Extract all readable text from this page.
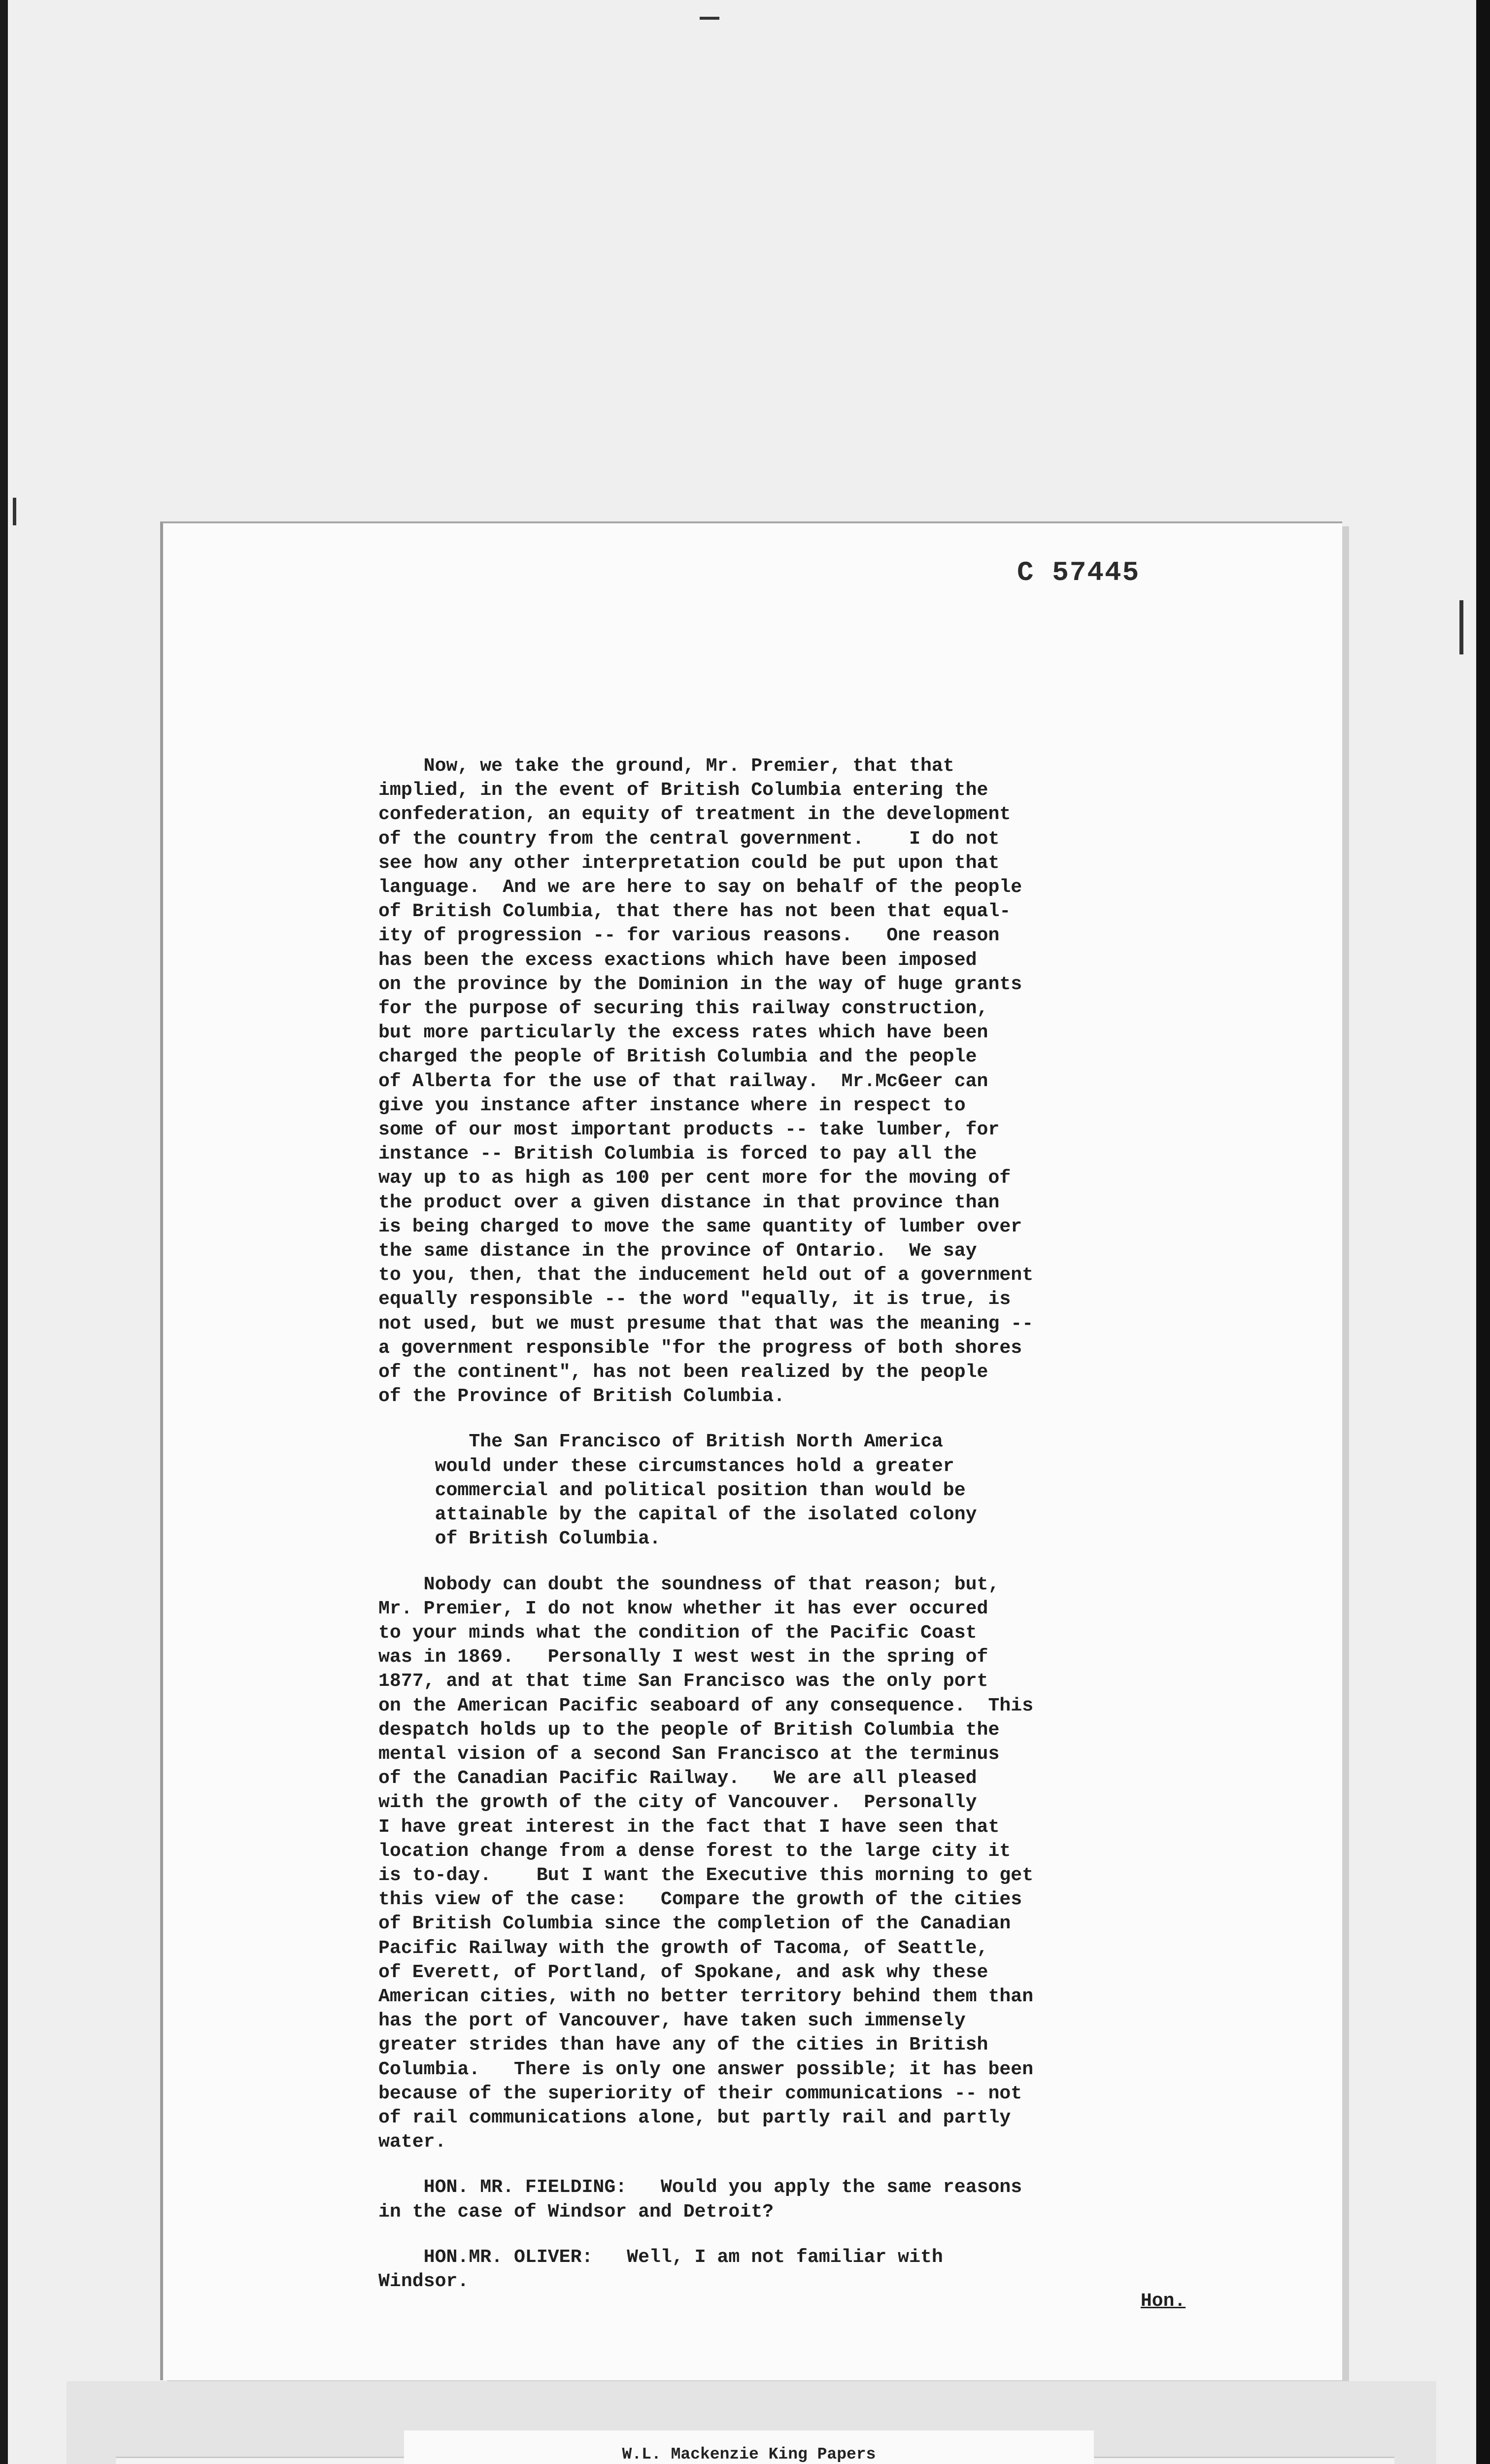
C 57445
Now, we take the ground, Mr. Premier, that that
implied, in the event of British Columbia entering the
confederation, an equity of treatment in the development
of the country from the central government.    I do not
see how any other interpretation could be put upon that
language.  And we are here to say on behalf of the people
of British Columbia, that there has not been that equal-
ity of progression -- for various reasons.   One reason
has been the excess exactions which have been imposed
on the province by the Dominion in the way of huge grants
for the purpose of securing this railway construction,
but more particularly the excess rates which have been
charged the people of British Columbia and the people
of Alberta for the use of that railway.  Mr.McGeer can
give you instance after instance where in respect to
some of our most important products -- take lumber, for
instance -- British Columbia is forced to pay all the
way up to as high as 100 per cent more for the moving of
the product over a given distance in that province than
is being charged to move the same quantity of lumber over
the same distance in the province of Ontario.  We say
to you, then, that the inducement held out of a government
equally responsible -- the word "equally, it is true, is
not used, but we must presume that that was the meaning --
a government responsible "for the progress of both shores
of the continent", has not been realized by the people
of the Province of British Columbia.
The San Francisco of British North America
would under these circumstances hold a greater
commercial and political position than would be
attainable by the capital of the isolated colony
of British Columbia.
Nobody can doubt the soundness of that reason; but,
Mr. Premier, I do not know whether it has ever occured
to your minds what the condition of the Pacific Coast
was in 1869.   Personally I west west in the spring of
1877, and at that time San Francisco was the only port
on the American Pacific seaboard of any consequence.  This
despatch holds up to the people of British Columbia the
mental vision of a second San Francisco at the terminus
of the Canadian Pacific Railway.   We are all pleased
with the growth of the city of Vancouver.  Personally
I have great interest in the fact that I have seen that
location change from a dense forest to the large city it
is to-day.    But I want the Executive this morning to get
this view of the case:   Compare the growth of the cities
of British Columbia since the completion of the Canadian
Pacific Railway with the growth of Tacoma, of Seattle,
of Everett, of Portland, of Spokane, and ask why these
American cities, with no better territory behind them than
has the port of Vancouver, have taken such immensely
greater strides than have any of the cities in British
Columbia.   There is only one answer possible; it has been
because of the superiority of their communications -- not
of rail communications alone, but partly rail and partly
water.
HON. MR. FIELDING:   Would you apply the same reasons
in the case of Windsor and Detroit?
HON.MR. OLIVER:   Well, I am not familiar with
Windsor.
Hon.
W.L. Mackenzie King Papers
